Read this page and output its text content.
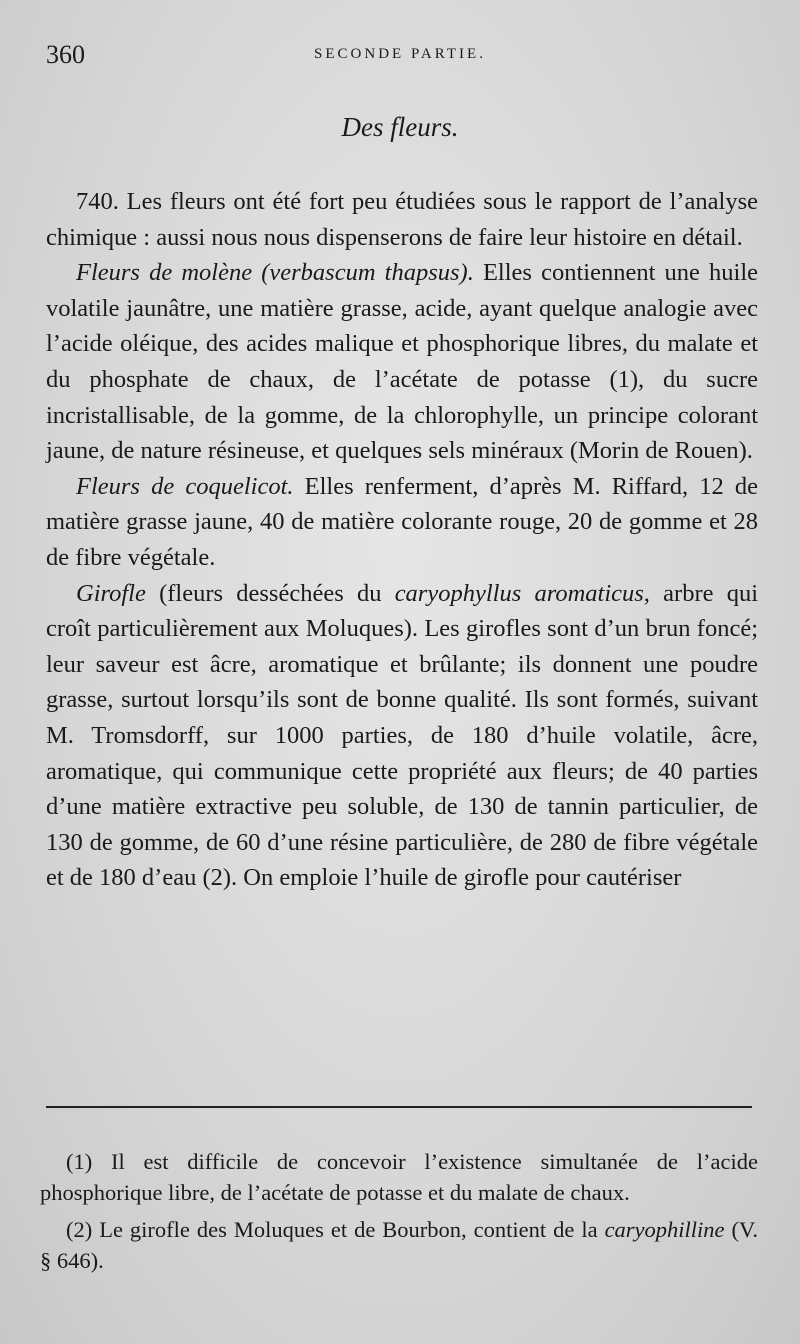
360	SECONDE PARTIE.
Des fleurs.

740. Les fleurs ont été fort peu étudiées sous le rapport de l’analyse chimique : aussi nous nous dispenserons de faire leur histoire en détail.

Fleurs de molène (verbascum thapsus). Elles contiennent une huile volatile jaunâtre, une matière grasse, acide, ayant quelque analogie avec l’acide oléique, des acides malique et phosphorique libres, du malate et du phosphate de chaux, de l’acétate de potasse (1), du sucre incristallisable, de la gomme, de la chlorophylle, un principe colorant jaune, de nature résineuse, et quelques sels minéraux (Morin de Rouen).

Fleurs de coquelicot. Elles renferment, d’après M. Riffard, 12 de matière grasse jaune, 40 de matière colorante rouge, 20 de gomme et 28 de fibre végétale.

Girofle (fleurs desséchées du caryophyllus aromaticus, arbre qui croît particulièrement aux Moluques). Les girofles sont d’un brun foncé; leur saveur est âcre, aromatique et brûlante; ils donnent une poudre grasse, surtout lorsqu’ils sont de bonne qualité. Ils sont formés, suivant M. Tromsdorff, sur 1000 parties, de 180 d’huile volatile, âcre, aromatique, qui communique cette propriété aux fleurs; de 40 parties d’une matière extractive peu soluble, de 130 de tannin particulier, de 130 de gomme, de 60 d’une résine particulière, de 280 de fibre végétale et de 180 d’eau (2). On emploie l’huile de girofle pour cautériser

(1) Il est difficile de concevoir l’existence simultanée de l’acide phosphorique libre, de l’acétate de potasse et du malate de chaux.

(2) Le girofle des Moluques et de Bourbon, contient de la caryophilline (V. § 646).
